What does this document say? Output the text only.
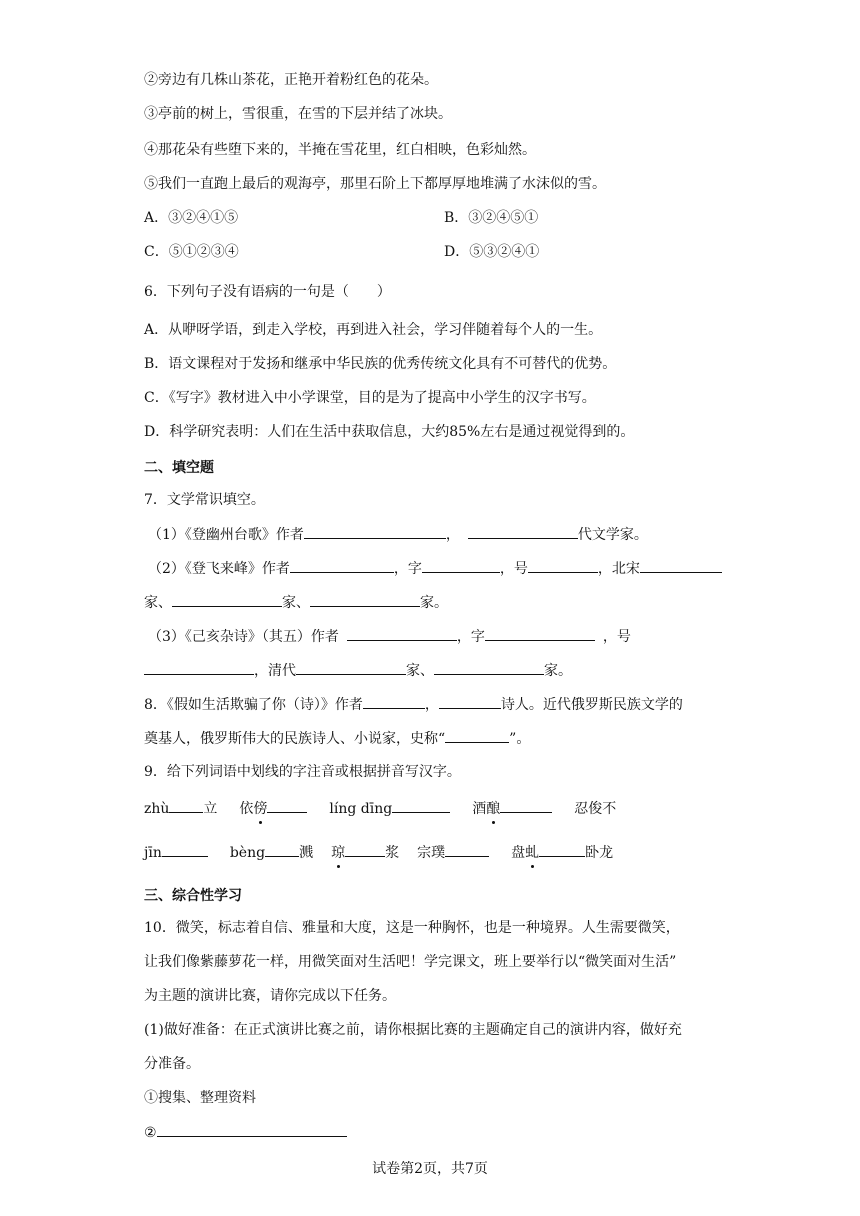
②旁边有几株山茶花，正艳开着粉红色的花朵。
③亭前的树上，雪很重，在雪的下层并结了冰块。
④那花朵有些堕下来的，半掩在雪花里，红白相映，色彩灿然。
⑤我们一直跑上最后的观海亭，那里石阶上下都厚厚地堆满了水沫似的雪。
A．③②④①⑤	B．③②④⑤①
C．⑤①②③④	D．⑤③②④①
6．下列句子没有语病的一句是（　　）
A．从咿呀学语，到走入学校，再到进入社会，学习伴随着每个人的一生。
B．语文课程对于发扬和继承中华民族的优秀传统文化具有不可替代的优势。
C．《写字》教材进入中小学课堂，目的是为了提高中小学生的汉字书写。
D．科学研究表明：人们在生活中获取信息，大约85%左右是通过视觉得到的。
二、填空题
7．文学常识填空。
（1）《登幽州台歌》作者	，	代文学家。
（2）《登飞来峰》作者	，字	，号	，北宋
家、	家、	家。
（3）《己亥杂诗》（其五）作者	，字	，号
，清代	家、	家。
8．《假如生活欺骗了你（诗）》作者	，	诗人。近代俄罗斯民族文学的
奠基人，俄罗斯伟大的民族诗人、小说家，史称“	”。
9．给下列词语中划线的字注音或根据拼音写汉字。
zhù 立 依傍	líng dīng	酒酿	忍俊不
jīn	bèng 溅 琼	浆 宗璞	盘虬	卧龙
三、综合性学习
10．微笑，标志着自信、雅量和大度，这是一种胸怀，也是一种境界。人生需要微笑，
让我们像紫藤萝花一样，用微笑面对生活吧！学完课文，班上要举行以“微笑面对生活”
为主题的演讲比赛，请你完成以下任务。
(1)做好准备：在正式演讲比赛之前，请你根据比赛的主题确定自己的演讲内容，做好充
分准备。
①搜集、整理资料
②
试卷第2页，共7页
